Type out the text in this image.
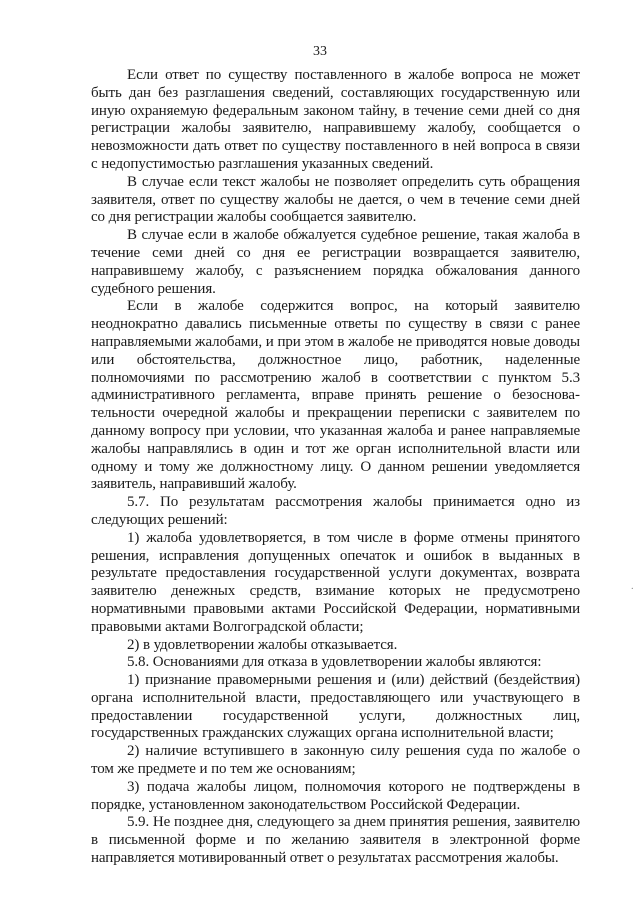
33

Если ответ по существу поставленного в жалобе вопроса не может быть дан без разглашения сведений, составляющих государственную или иную охраняемую федеральным законом тайну, в течение семи дней со дня регистрации жалобы заявителю, направившему жалобу, сообщается о невозможности дать ответ по существу поставленного в ней вопроса в связи с недопустимостью разглашения указанных сведений.

В случае если текст жалобы не позволяет определить суть обращения заявителя, ответ по существу жалобы не дается, о чем в течение семи дней со дня регистрации жалобы сообщается заявителю.

В случае если в жалобе обжалуется судебное решение, такая жалоба в течение семи дней со дня ее регистрации возвращается заявителю, направившему жалобу, с разъяснением порядка обжалования данного судебного решения.

Если в жалобе содержится вопрос, на который заявителю неоднократно давались письменные ответы по существу в связи с ранее направляемыми жалобами, и при этом в жалобе не приводятся новые доводы или обстоятельства, должностное лицо, работник, наделенные полномочиями по рассмотрению жалоб в соответствии с пунктом 5.3 административного регламента, вправе принять решение о безосновательности очередной жалобы и прекращении переписки с заявителем по данному вопросу при условии, что указанная жалоба и ранее направляемые жалобы направлялись в один и тот же орган исполнительной власти или одному и тому же должностному лицу. О данном решении уведомляется заявитель, направивший жалобу.

5.7. По результатам рассмотрения жалобы принимается одно из следующих решений:

1) жалоба удовлетворяется, в том числе в форме отмены принятого решения, исправления допущенных опечаток и ошибок в выданных в результате предоставления государственной услуги документах, возврата заявителю денежных средств, взимание которых не предусмотрено нормативными правовыми актами Российской Федерации, нормативными правовыми актами Волгоградской области;

2) в удовлетворении жалобы отказывается.

5.8. Основаниями для отказа в удовлетворении жалобы являются:

1) признание правомерными решения и (или) действий (бездействия) органа исполнительной власти, предоставляющего или участвующего в предоставлении государственной услуги, должностных лиц, государственных гражданских служащих органа исполнительной власти;

2) наличие вступившего в законную силу решения суда по жалобе о том же предмете и по тем же основаниям;

3) подача жалобы лицом, полномочия которого не подтверждены в порядке, установленном законодательством Российской Федерации.

5.9. Не позднее дня, следующего за днем принятия решения, заявителю в письменной форме и по желанию заявителя в электронной форме направляется мотивированный ответ о результатах рассмотрения жалобы.

·
